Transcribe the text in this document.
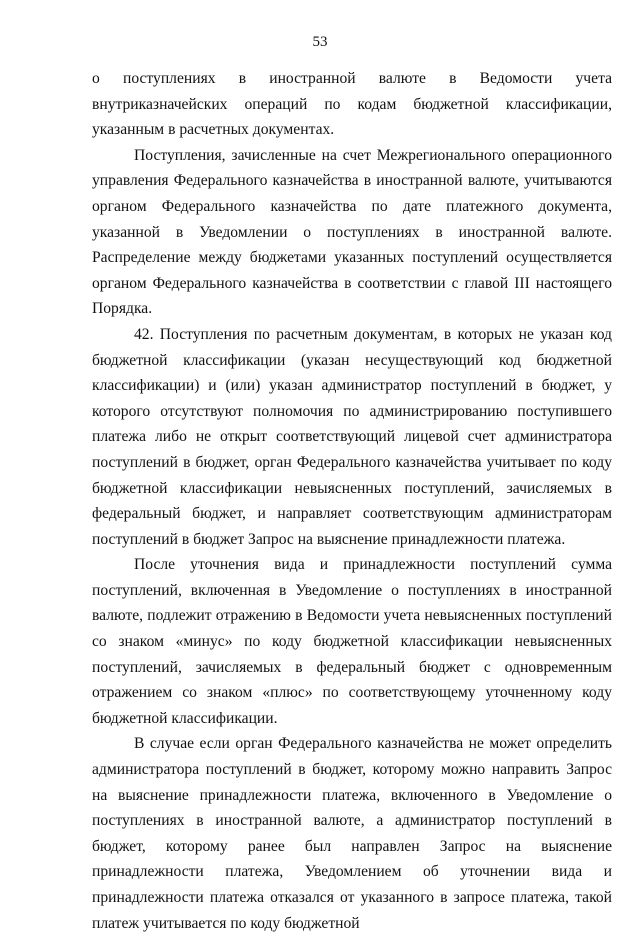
53

о поступлениях в иностранной валюте в Ведомости учета внутриказначейских операций по кодам бюджетной классификации, указанным в расчетных документах.

Поступления, зачисленные на счет Межрегионального операционного управления Федерального казначейства в иностранной валюте, учитываются органом Федерального казначейства по дате платежного документа, указанной в Уведомлении о поступлениях в иностранной валюте. Распределение между бюджетами указанных поступлений осуществляется органом Федерального казначейства в соответствии с главой III настоящего Порядка.

42. Поступления по расчетным документам, в которых не указан код бюджетной классификации (указан несуществующий код бюджетной классификации) и (или) указан администратор поступлений в бюджет, у которого отсутствуют полномочия по администрированию поступившего платежа либо не открыт соответствующий лицевой счет администратора поступлений в бюджет, орган Федерального казначейства учитывает по коду бюджетной классификации невыясненных поступлений, зачисляемых в федеральный бюджет, и направляет соответствующим администраторам поступлений в бюджет Запрос на выяснение принадлежности платежа.

После уточнения вида и принадлежности поступлений сумма поступлений, включенная в Уведомление о поступлениях в иностранной валюте, подлежит отражению в Ведомости учета невыясненных поступлений со знаком «минус» по коду бюджетной классификации невыясненных поступлений, зачисляемых в федеральный бюджет с одновременным отражением со знаком «плюс» по соответствующему уточненному коду бюджетной классификации.

В случае если орган Федерального казначейства не может определить администратора поступлений в бюджет, которому можно направить Запрос на выяснение принадлежности платежа, включенного в Уведомление о поступлениях в иностранной валюте, а администратор поступлений в бюджет, которому ранее был направлен Запрос на выяснение принадлежности платежа, Уведомлением об уточнении вида и принадлежности платежа отказался от указанного в запросе платежа, такой платеж учитывается по коду бюджетной
